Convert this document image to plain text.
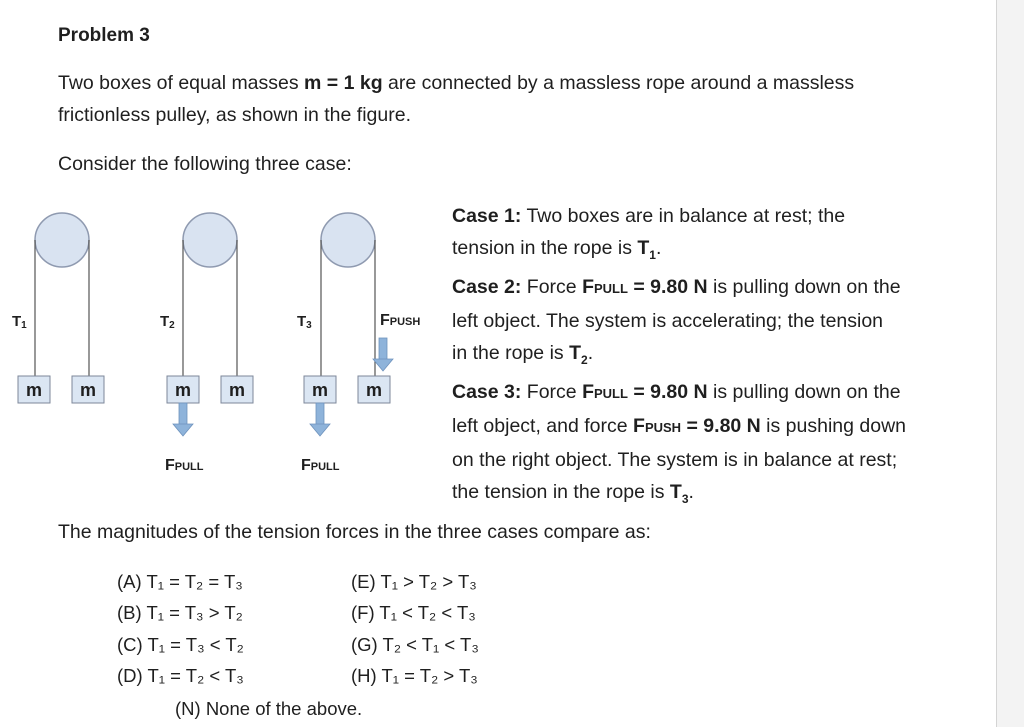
Problem 3
Two boxes of equal masses m = 1 kg are connected by a massless rope around a massless
frictionless pulley, as shown in the figure.
Consider the following three case:
m m
T1
m m
T2
FPULL
m m
T3
FPULL
FPUSH

Case 1: Two boxes are in balance at rest; the

tension in the rope is $T_1$.

Case 2: Force FPULL = 9.80 N is pulling down on the

left object. The system is accelerating; the tension

in the rope is $T_2$.

Case 3: Force FPULL = 9.80 N is pulling down on the

left object, and force FPUSH = 9.80 N is pushing down

on the right object. The system is in balance at rest;

the tension in the rope is $T_3$.

The magnitudes of the tension forces in the three cases compare as:
(A) T₁ = T₂ = T₃
(B) T₁ = T₃ > T₂
(C) T₁ = T₃ < T₂
(D) T₁ = T₂ < T₃
(E) T₁ > T₂ > T₃
(F) T₁ < T₂ < T₃
(G) T₂ < T₁ < T₃
(H) T₁ = T₂ > T₃
(N) None of the above.
